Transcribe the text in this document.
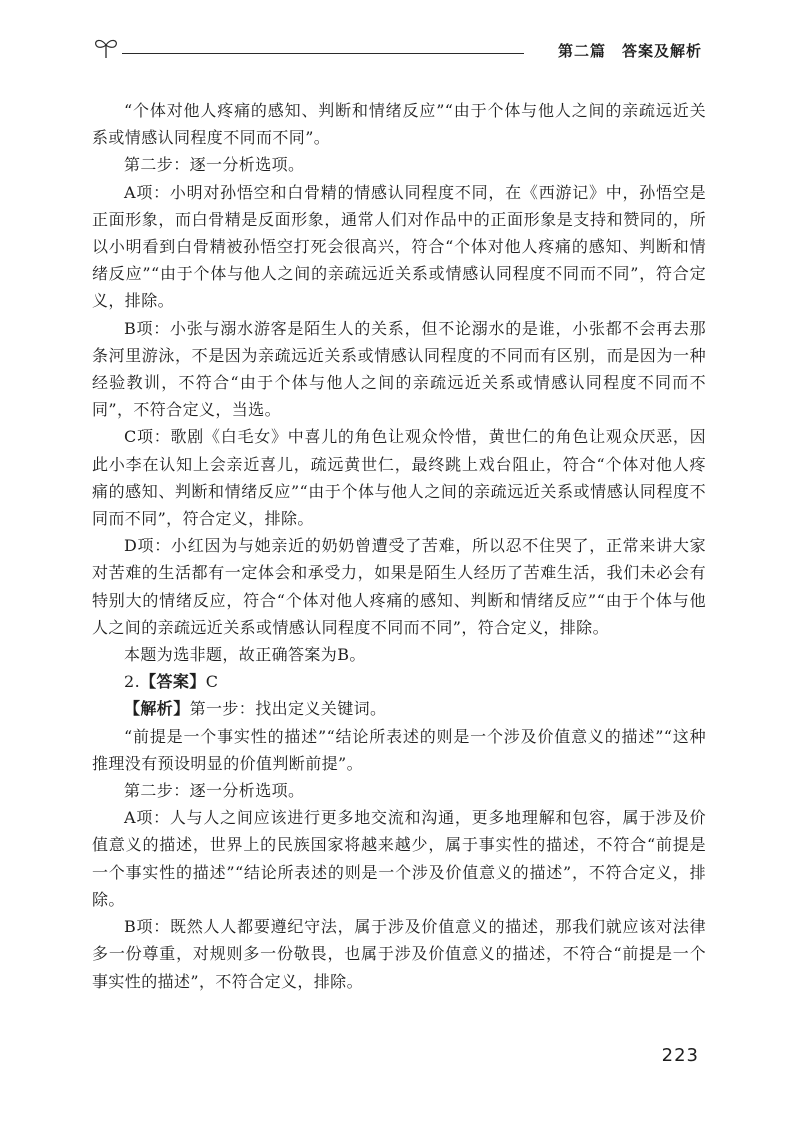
第二篇　答案及解析

“个体对他人疼痛的感知、判断和情绪反应”“由于个体与他人之间的亲疏远近关系或情感认同程度不同而不同”。

第二步：逐一分析选项。

A项：小明对孙悟空和白骨精的情感认同程度不同，在《西游记》中，孙悟空是正面形象，而白骨精是反面形象，通常人们对作品中的正面形象是支持和赞同的，所以小明看到白骨精被孙悟空打死会很高兴，符合“个体对他人疼痛的感知、判断和情绪反应”“由于个体与他人之间的亲疏远近关系或情感认同程度不同而不同”，符合定义，排除。

B项：小张与溺水游客是陌生人的关系，但不论溺水的是谁，小张都不会再去那条河里游泳，不是因为亲疏远近关系或情感认同程度的不同而有区别，而是因为一种经验教训，不符合“由于个体与他人之间的亲疏远近关系或情感认同程度不同而不同”，不符合定义，当选。

C项：歌剧《白毛女》中喜儿的角色让观众怜惜，黄世仁的角色让观众厌恶，因此小李在认知上会亲近喜儿，疏远黄世仁，最终跳上戏台阻止，符合“个体对他人疼痛的感知、判断和情绪反应”“由于个体与他人之间的亲疏远近关系或情感认同程度不同而不同”，符合定义，排除。

D项：小红因为与她亲近的奶奶曾遭受了苦难，所以忍不住哭了，正常来讲大家对苦难的生活都有一定体会和承受力，如果是陌生人经历了苦难生活，我们未必会有特别大的情绪反应，符合“个体对他人疼痛的感知、判断和情绪反应”“由于个体与他人之间的亲疏远近关系或情感认同程度不同而不同”，符合定义，排除。

本题为选非题，故正确答案为B。

2.【答案】C

【解析】第一步：找出定义关键词。

“前提是一个事实性的描述”“结论所表述的则是一个涉及价值意义的描述”“这种推理没有预设明显的价值判断前提”。

第二步：逐一分析选项。

A项：人与人之间应该进行更多地交流和沟通，更多地理解和包容，属于涉及价值意义的描述，世界上的民族国家将越来越少，属于事实性的描述，不符合“前提是一个事实性的描述”“结论所表述的则是一个涉及价值意义的描述”，不符合定义，排除。

B项：既然人人都要遵纪守法，属于涉及价值意义的描述，那我们就应该对法律多一份尊重，对规则多一份敬畏，也属于涉及价值意义的描述，不符合“前提是一个事实性的描述”，不符合定义，排除。

223
